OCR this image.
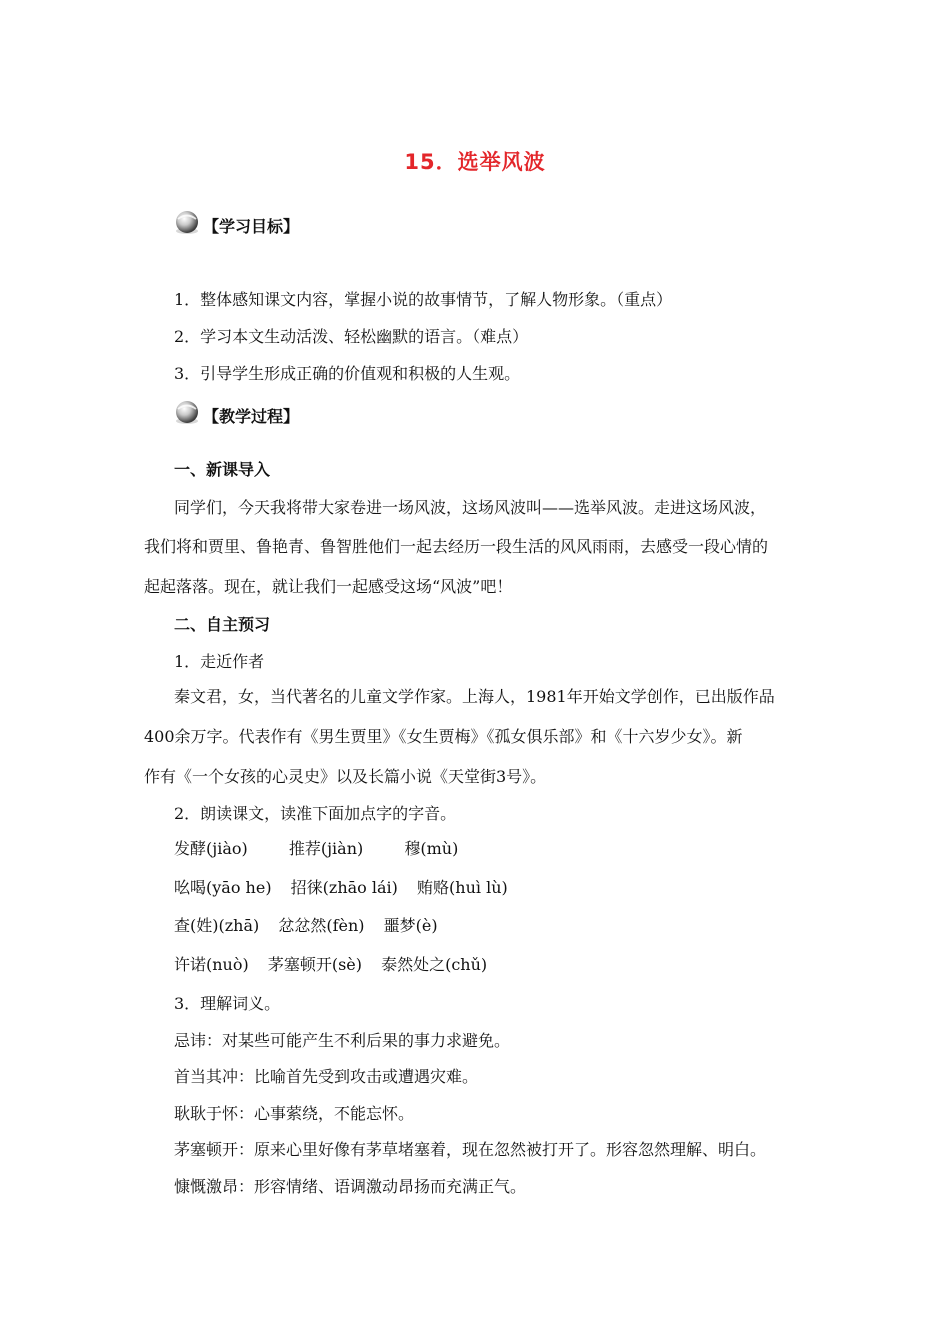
15．选举风波
【学习目标】
1．整体感知课文内容，掌握小说的故事情节，了解人物形象。（重点）
2．学习本文生动活泼、轻松幽默的语言。（难点）
3．引导学生形成正确的价值观和积极的人生观。
【教学过程】
一、新课导入
同学们，今天我将带大家卷进一场风波，这场风波叫——选举风波。走进这场风波，
我们将和贾里、鲁艳青、鲁智胜他们一起去经历一段生活的风风雨雨，去感受一段心情的
起起落落。现在，就让我们一起感受这场“风波”吧！
二、自主预习
1．走近作者
秦文君，女，当代著名的儿童文学作家。上海人，1981年开始文学创作，已出版作品
400余万字。代表作有《男生贾里》《女生贾梅》《孤女俱乐部》和《十六岁少女》。新
作有《一个女孩的心灵史》以及长篇小说《天堂街3号》。
2．朗读课文，读准下面加点字的字音。
发酵(jiào)	推荐(jiàn)	穆(mù)
吆喝(yāo he) 招徕(zhāo lái) 贿赂(huì lù)
查(姓)(zhā) 忿忿然(fèn) 噩梦(è)
许诺(nuò) 茅塞顿开(sè) 泰然处之(chǔ)
3．理解词义。
忌讳：对某些可能产生不利后果的事力求避免。
首当其冲：比喻首先受到攻击或遭遇灾难。
耿耿于怀：心事萦绕，不能忘怀。
茅塞顿开：原来心里好像有茅草堵塞着，现在忽然被打开了。形容忽然理解、明白。
慷慨激昂：形容情绪、语调激动昂扬而充满正气。
